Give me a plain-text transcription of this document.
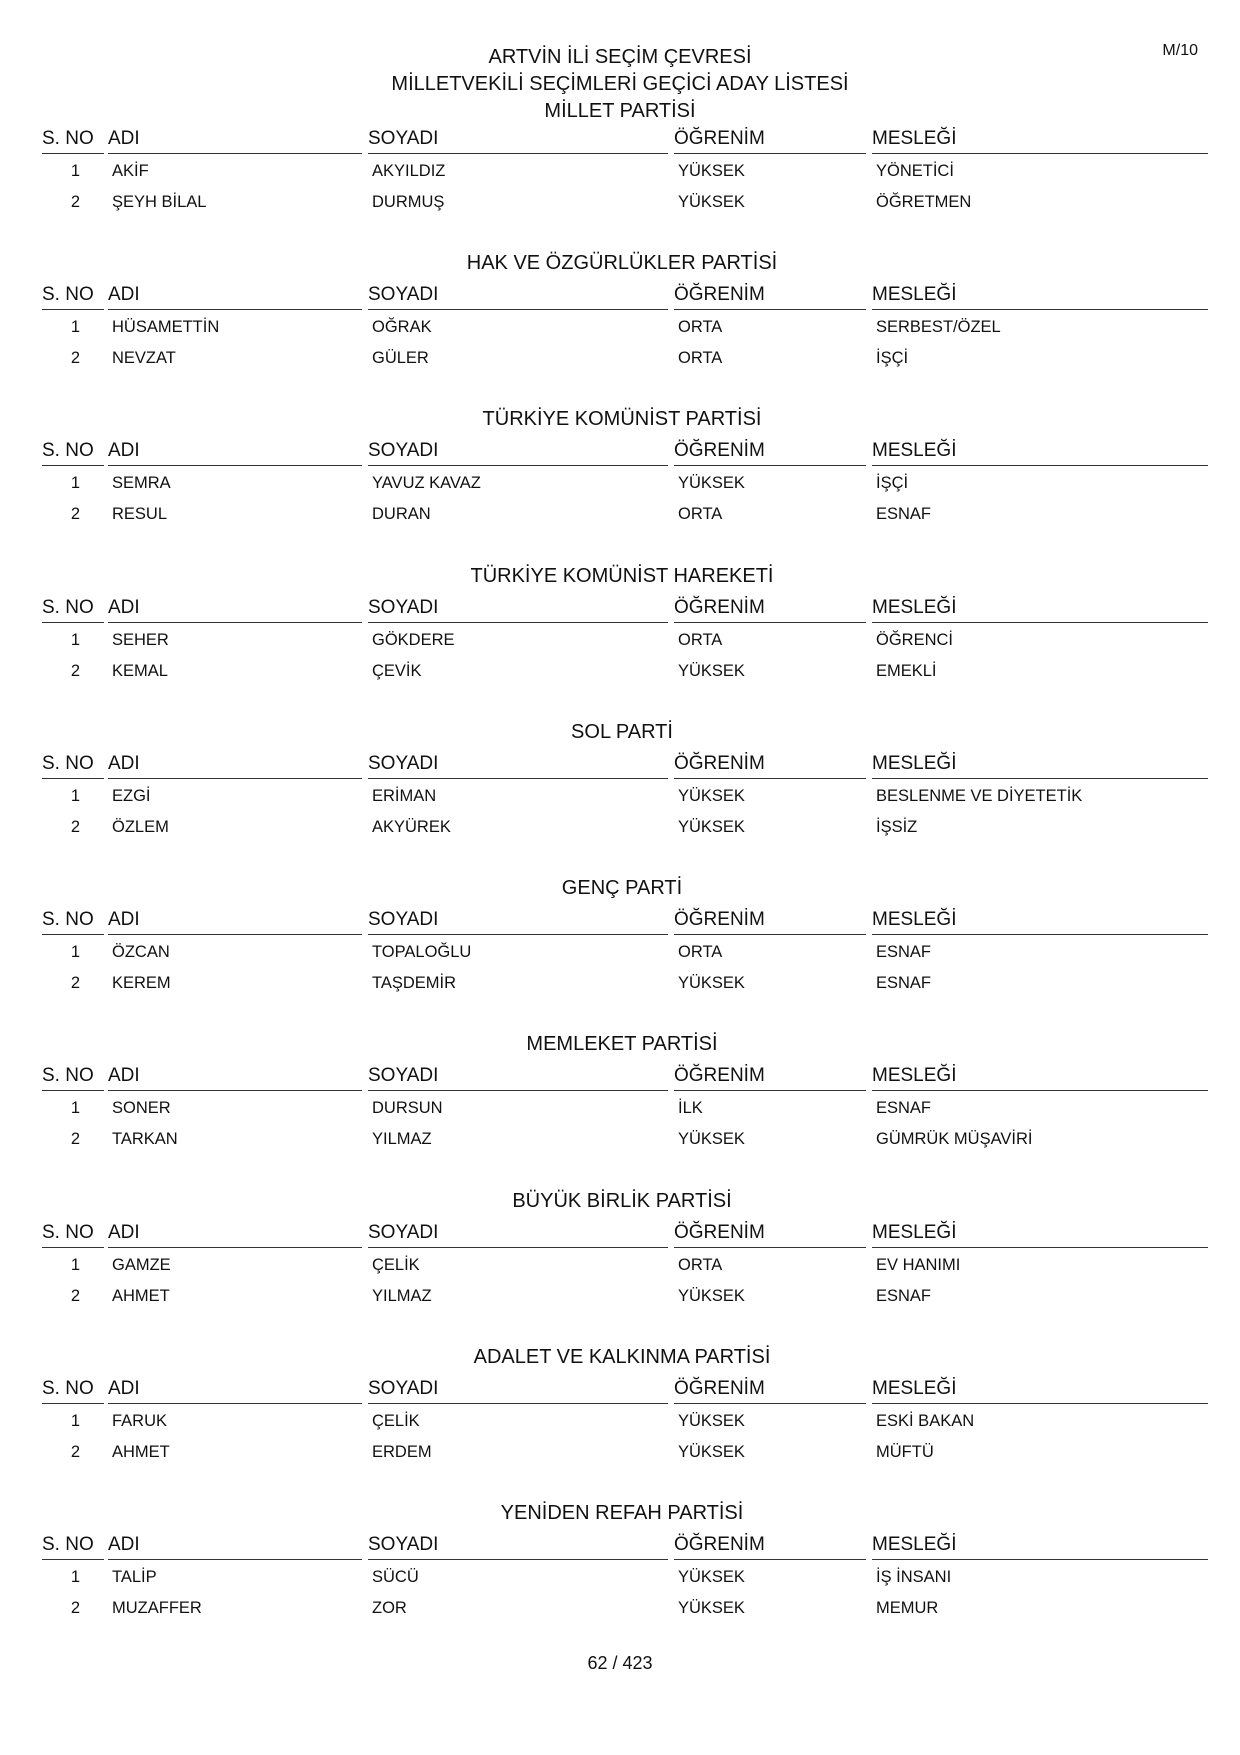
M/10
ARTVİN İLİ SEÇİM ÇEVRESİ
MİLLETVEKİLİ SEÇİMLERİ GEÇİCİ ADAY LİSTESİ
MİLLET PARTİSİ
S. NO ADI	SOYADI	ÖĞRENİM	MESLEĞİ
1	AKİF	AKYILDIZ	YÜKSEK	YÖNETİCİ
2	ŞEYH BİLAL	DURMUŞ	YÜKSEK	ÖĞRETMEN
HAK VE ÖZGÜRLÜKLER PARTİSİ
S. NO ADI	SOYADI	ÖĞRENİM	MESLEĞİ
1	HÜSAMETTİN	OĞRAK	ORTA	SERBEST/ÖZEL
2	NEVZAT	GÜLER	ORTA	İŞÇİ
TÜRKİYE KOMÜNİST PARTİSİ
S. NO ADI	SOYADI	ÖĞRENİM	MESLEĞİ
1	SEMRA	YAVUZ KAVAZ	YÜKSEK	İŞÇİ
2	RESUL	DURAN	ORTA	ESNAF
TÜRKİYE KOMÜNİST HAREKETİ
S. NO ADI	SOYADI	ÖĞRENİM	MESLEĞİ
1	SEHER	GÖKDERE	ORTA	ÖĞRENCİ
2	KEMAL	ÇEVİK	YÜKSEK	EMEKLİ
SOL PARTİ
S. NO ADI	SOYADI	ÖĞRENİM	MESLEĞİ
1	EZGİ	ERİMAN	YÜKSEK	BESLENME VE DİYETETİK
2	ÖZLEM	AKYÜREK	YÜKSEK	İŞSİZ
GENÇ PARTİ
S. NO ADI	SOYADI	ÖĞRENİM	MESLEĞİ
1	ÖZCAN	TOPALOĞLU	ORTA	ESNAF
2	KEREM	TAŞDEMİR	YÜKSEK	ESNAF
MEMLEKET PARTİSİ
S. NO ADI	SOYADI	ÖĞRENİM	MESLEĞİ
1	SONER	DURSUN	İLK	ESNAF
2	TARKAN	YILMAZ	YÜKSEK	GÜMRÜK MÜŞAVİRİ
BÜYÜK BİRLİK PARTİSİ
S. NO ADI	SOYADI	ÖĞRENİM	MESLEĞİ
1	GAMZE	ÇELİK	ORTA	EV HANIMI
2	AHMET	YILMAZ	YÜKSEK	ESNAF
ADALET VE KALKINMA PARTİSİ
S. NO ADI	SOYADI	ÖĞRENİM	MESLEĞİ
1	FARUK	ÇELİK	YÜKSEK	ESKİ BAKAN
2	AHMET	ERDEM	YÜKSEK	MÜFTÜ
YENİDEN REFAH PARTİSİ
S. NO ADI	SOYADI	ÖĞRENİM	MESLEĞİ
1	TALİP	SÜCÜ	YÜKSEK	İŞ İNSANI
2	MUZAFFER	ZOR	YÜKSEK	MEMUR
62 / 423
